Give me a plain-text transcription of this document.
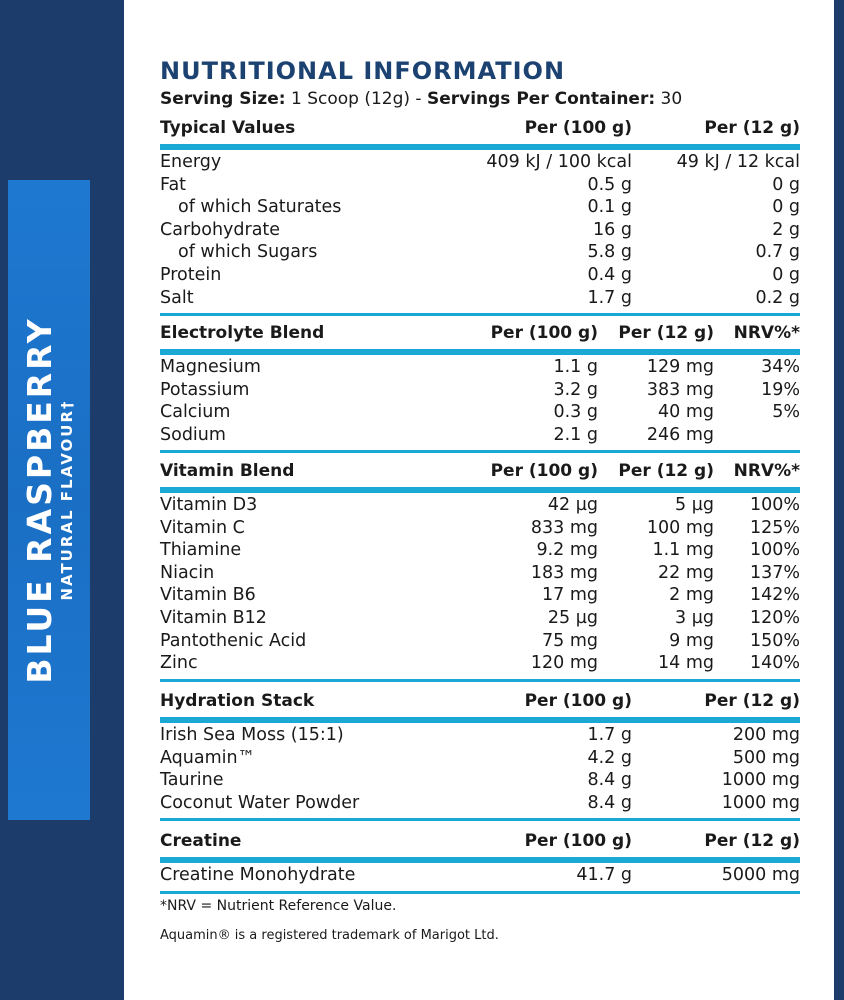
BLUE RASPBERRY NATURAL FLAVOUR†
NUTRITIONAL INFORMATION
Serving Size: 1 Scoop (12g) - Servings Per Container: 30
Typical Values	Per (100 g)	Per (12 g)
Energy	409 kJ / 100 kcal	49 kJ / 12 kcal
Fat	0.5 g	0 g
of which Saturates	0.1 g	0 g
Carbohydrate	16 g	2 g
of which Sugars	5.8 g	0.7 g
Protein	0.4 g	0 g
Salt	1.7 g	0.2 g
Electrolyte Blend	Per (100 g) Per (12 g) NRV%*
Magnesium	1.1 g	129 mg	34%
Potassium	3.2 g	383 mg	19%
Calcium	0.3 g	40 mg	5%
Sodium	2.1 g	246 mg
Vitamin Blend	Per (100 g) Per (12 g) NRV%*
Vitamin D3	42 µg	5 µg 100%
Vitamin C	833 mg	100 mg 125%
Thiamine	9.2 mg	1.1 mg 100%
Niacin	183 mg	22 mg 137%
Vitamin B6	17 mg	2 mg 142%
Vitamin B12	25 µg	3 µg 120%
Pantothenic Acid	75 mg	9 mg 150%
Zinc	120 mg	14 mg 140%
Hydration Stack	Per (100 g)	Per (12 g)
Irish Sea Moss (15:1)	1.7 g	200 mg
Aquamin™	4.2 g	500 mg
Taurine	8.4 g	1000 mg
Coconut Water Powder	8.4 g	1000 mg
Creatine	Per (100 g)	Per (12 g)
Creatine Monohydrate	41.7 g	5000 mg
*NRV = Nutrient Reference Value.
Aquamin® is a registered trademark of Marigot Ltd.
